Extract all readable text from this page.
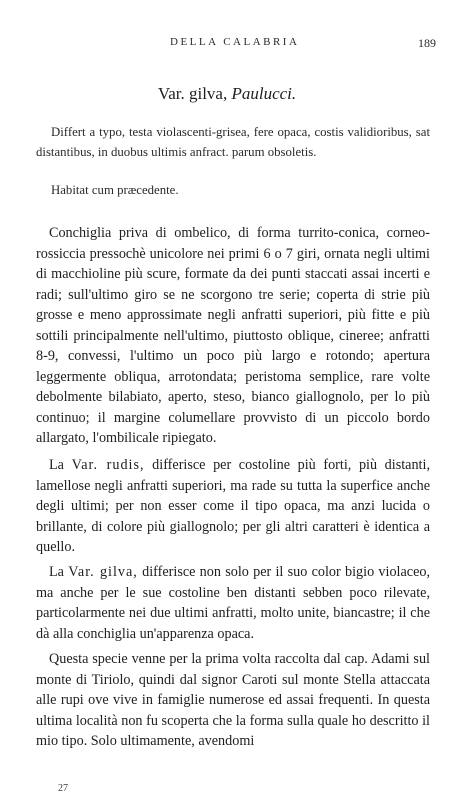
DELLA CALABRIA	189
Var. gilva, Paulucci.
Differt a typo, testa violascenti-grisea, fere opaca, costis validioribus, sat distantibus, in duobus ultimis anfract. parum obsoletis.
Habitat cum præcedente.

Conchiglia priva di ombelico, di forma turrito-conica, corneo-rossiccia pressochè unicolore nei primi 6 o 7 giri, ornata negli ultimi di macchioline più scure, formate da dei punti staccati assai incerti e radi; sull'ultimo giro se ne scorgono tre serie; coperta di strie più grosse e meno approssimate negli anfratti superiori, più fitte e più sottili principalmente nell'ultimo, piuttosto oblique, cineree; anfratti 8-9, convessi, l'ultimo un poco più largo e rotondo; apertura leggermente obliqua, arrotondata; peristoma semplice, rare volte debolmente bilabiato, aperto, steso, bianco giallognolo, per lo più continuo; il margine columellare provvisto di un piccolo bordo allargato, l'ombilicale ripiegato.

La Var. rudis, differisce per costoline più forti, più distanti, lamellose negli anfratti superiori, ma rade su tutta la superfice anche degli ultimi; per non esser come il tipo opaca, ma anzi lucida o brillante, di colore più giallognolo; per gli altri caratteri è identica a quello.

La Var. gilva, differisce non solo per il suo color bigio violaceo, ma anche per le sue costoline ben distanti sebben poco rilevate, particolarmente nei due ultimi anfratti, molto unite, biancastre; il che dà alla conchiglia un'apparenza opaca.

Questa specie venne per la prima volta raccolta dal cap. Adami sul monte di Tiriolo, quindi dal signor Caroti sul monte Stella attaccata alle rupi ove vive in famiglie numerose ed assai frequenti. In questa ultima località non fu scoperta che la forma sulla quale ho descritto il mio tipo. Solo ultimamente, avendomi

27
